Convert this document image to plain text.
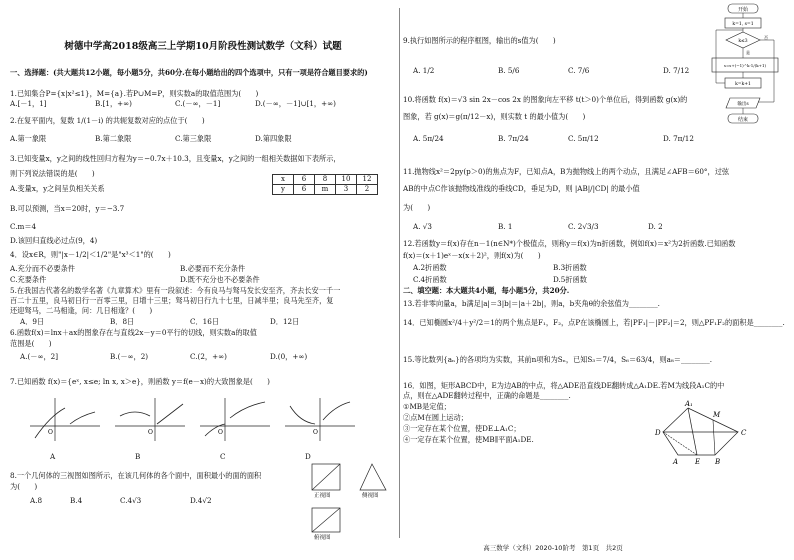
树德中学高2018级高三上学期10月阶段性测试数学（文科）试题
一、选择题：(共大题共12小题，每小题5分，共60分.在每小题给出的四个选项中，只有一项是符合题目要求的)
1.已知集合P={x|x²≤1}，M={a}.若P∪M=P，则实数a的取值范围为(　　)
A.[－1，1]	B.[1，+∞)	C.(－∞，－1]	D.(－∞，－1]∪[1，+∞)
2.在复平面内，复数 1/(1－i) 的共轭复数对应的点位于(　　)
A.第一象限	B.第二象限	C.第三象限	D.第四象限
3.已知变量x，y之间的线性回归方程为y＝−0.7x＋10.3，且变量x，y之间的一组相关数据如下表所示，
则下列说法错误的是(　　)
A.变量x，y之间呈负相关关系
B.可以预测，当x＝20时，y＝−3.7
C.m＝4
D.该回归直线必过点(9，4)
x	6	8	10	12
y	6	m	3	2
4．设x∈R，则"|x－1/2|＜1/2"是"x³＜1"的(　　)
A.充分而不必要条件	B.必要而不充分条件
C.充要条件	D.既不充分也不必要条件
5.在我国古代著名的数学名著《九章算术》里有一段叙述：今有良马与驽马发长安至齐，齐去长安一千一
百二十五里，良马初日行一百零三里，日增十三里；驽马初日行九十七里，日减半里；良马先至齐，复
还迎驽马，二马相逢，问：几日相逢？(　　)
A．9日	B．8日	C．16日	D．12日
6.函数f(x)＝lnx＋ax的图象存在与直线2x－y＝0平行的切线，则实数a的取值
范围是(　　)
A.(－∞，2]	B.(－∞，2)	C.(2，+∞)	D.(0，+∞)
7.已知函数 f(x)＝{eˣ, x≤e; ln x, x＞e}，则函数 y＝f(e－x)的大致图象是(　　)
O	O	O	O
A	B	C	D
8.一个几何体的三视图如图所示，在该几何体的各个面中，面积最小的面的面积
为(　　)
A.8	B.4	C.4√3	D.4√2	正视图	侧视图
俯视图
9.执行如图所示的程序框图，输出的s值为(　　)
A. 1/2	B. 5/6	C. 7/6	D. 7/12
开始
k=1, s=1
k≤3
是
否
s=s+(−1)^k·1/(k+1)
k=k+1
输出s
结束
10.将函数 f(x)＝√3 sin 2x－cos 2x 的图象向左平移 t(t＞0)个单位后，得到函数 g(x)的
图象，若 g(x)＝g(π/12－x)，则实数 t 的最小值为(　　)
A. 5π/24	B. 7π/24	C. 5π/12	D. 7π/12
11.抛物线x²＝2py(p＞0)的焦点为F，已知点A，B为抛物线上的两个动点，且满足∠AFB＝60°，过弦
AB的中点C作该抛物线准线的垂线CD，垂足为D，则 |AB|/|CD| 的最小值
为(　　)
A. √3	B. 1	C. 2√3/3	D. 2
12.若函数y＝f(x)存在n－1(n∈N*)个极值点，则称y＝f(x)为n折函数，例如f(x)＝x²为2折函数.已知函数
f(x)＝(x＋1)eˣ－x(x＋2)²，则f(x)为(　　)
A.2折函数	B.3折函数
C.4折函数	D.5折函数
二、填空题：本大题共4小题，每小题5分，共20分.
13.若非零向量a，b满足|a|＝3|b|＝|a＋2b|，则a，b夹角θ的余弦值为________.
14．已知椭圆x²/4＋y²/2＝1的两个焦点是F₁，F₂，点P在该椭圆上，若|PF₁|－|PF₂|＝2，则△PF₁F₂的面积是________.
15.等比数列{aₙ}的各项均为实数，其前n项和为Sₙ，已知S₃＝7/4，S₆＝63/4，则a₈＝________.
16．如图，矩形ABCD中，E为边AB的中点，将△ADE沿直线DE翻转成△A₁DE.若M为线段A₁C的中
点，则在△ADE翻转过程中，正确的命题是________.
①MB是定值；
②点M在圆上运动；
③一定存在某个位置，使DE⊥A₁C；
④一定存在某个位置，使MB∥平面A₁DE.
A₁
M
D	C
A E B
高三数学（文科）2020-10阶考　第1页　共2页
